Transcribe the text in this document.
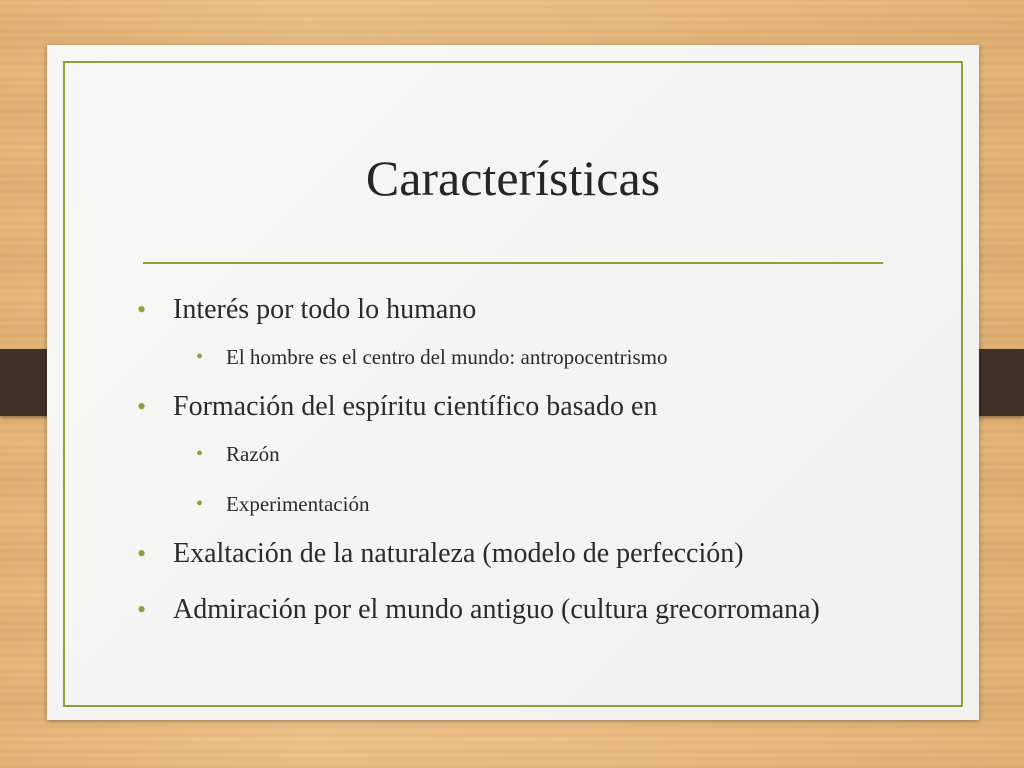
Características
• Interés por todo lo humano
• El hombre es el centro del mundo: antropocentrismo
• Formación del espíritu científico basado en
• Razón
• Experimentación
• Exaltación de la naturaleza (modelo de perfección)
• Admiración por el mundo antiguo (cultura grecorromana)
